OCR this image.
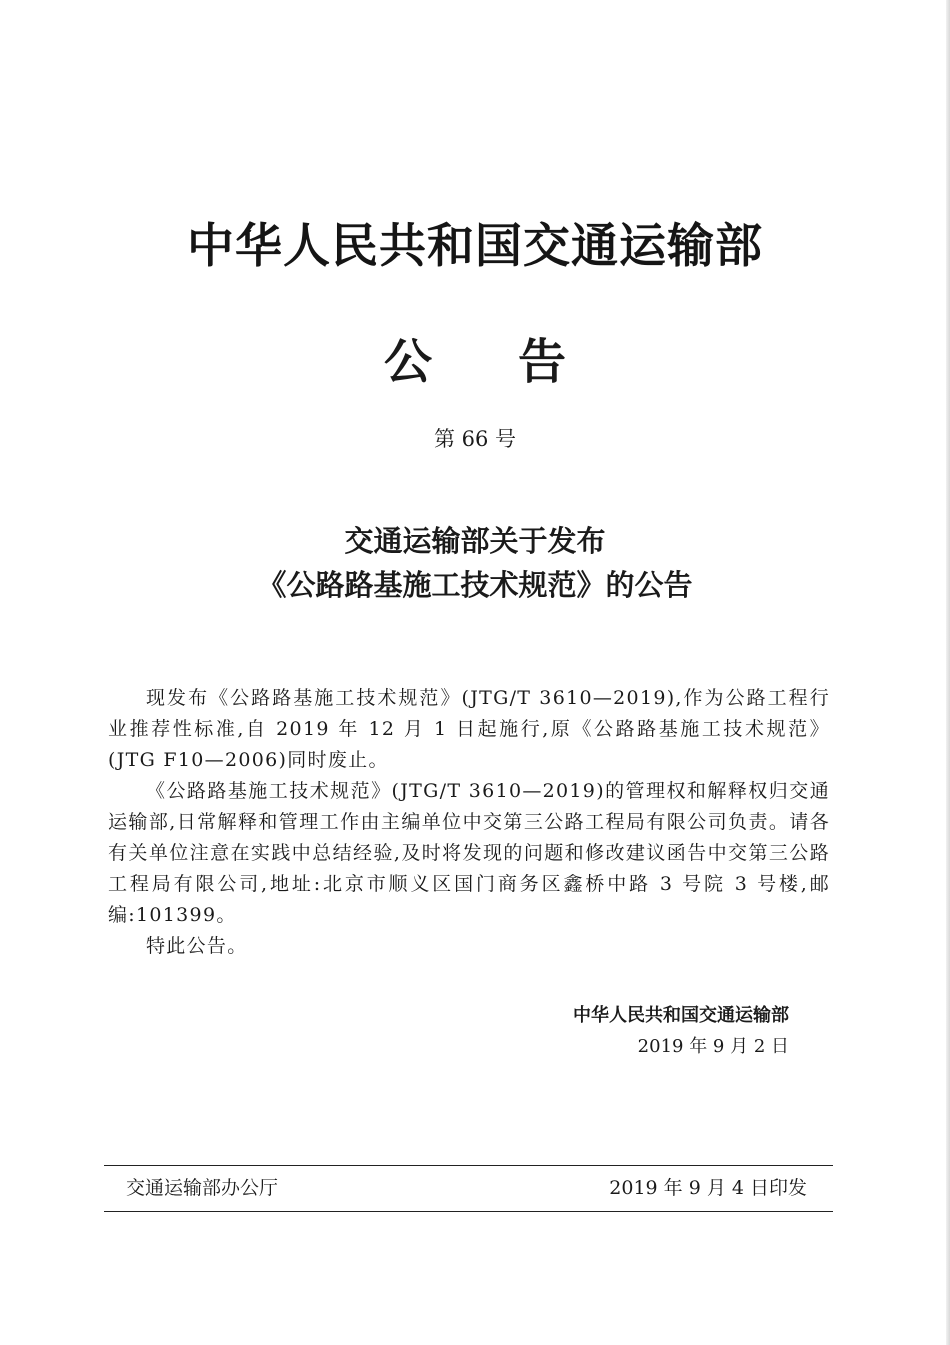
中华人民共和国交通运输部
公 告
第 66 号
交通运输部关于发布
《公路路基施工技术规范》的公告

现发布《公路路基施工技术规范》(JTG/T 3610—2019),作为公路工程行业推荐性标准,自 2019 年 12 月 1 日起施行,原《公路路基施工技术规范》(JTG F10—2006)同时废止。

《公路路基施工技术规范》(JTG/T 3610—2019)的管理权和解释权归交通运输部,日常解释和管理工作由主编单位中交第三公路工程局有限公司负责。请各有关单位注意在实践中总结经验,及时将发现的问题和修改建议函告中交第三公路工程局有限公司,地址:北京市顺义区国门商务区鑫桥中路 3 号院 3 号楼,邮编:101399。

特此公告。

中华人民共和国交通运输部
2019 年 9 月 2 日
交通运输部办公厅	2019 年 9 月 4 日印发
